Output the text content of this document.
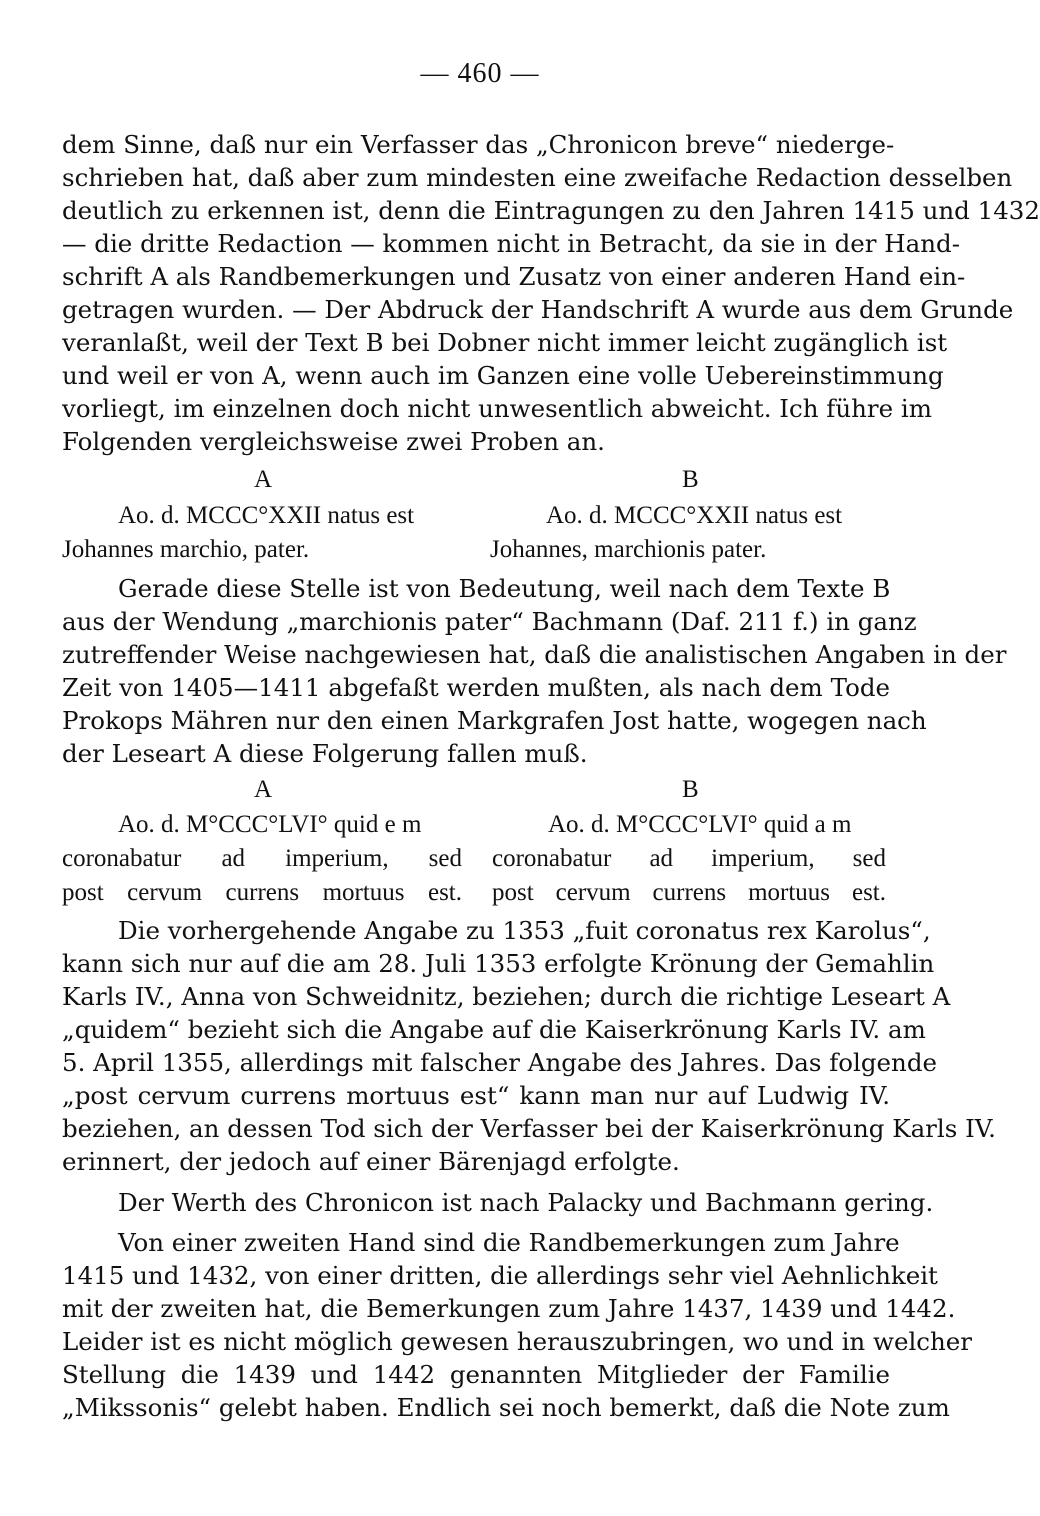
— 460 —
dem Sinne, daß nur ein Verfasser das „Chronicon breve“ niederge-
schrieben hat, daß aber zum mindesten eine zweifache Redaction desselben
deutlich zu erkennen ist, denn die Eintragungen zu den Jahren 1415 und 1432
— die dritte Redaction — kommen nicht in Betracht, da sie in der Hand-
schrift A als Randbemerkungen und Zusatz von einer anderen Hand ein-
getragen wurden. — Der Abdruck der Handschrift A wurde aus dem Grunde
veranlaßt, weil der Text B bei Dobner nicht immer leicht zugänglich ist
und weil er von A, wenn auch im Ganzen eine volle Uebereinstimmung
vorliegt, im einzelnen doch nicht unwesentlich abweicht. Ich führe im
Folgenden vergleichsweise zwei Proben an.
A	B
Ao. d. MCCC°XXII natus est
Johannes marchio, pater.
Ao. d. MCCC°XXII natus est
Johannes, marchionis pater.
Gerade diese Stelle ist von Bedeutung, weil nach dem Texte B
aus der Wendung „marchionis pater“ Bachmann (Daf. 211 f.) in ganz
zutreffender Weise nachgewiesen hat, daß die analistischen Angaben in der
Zeit von 1405—1411 abgefaßt werden mußten, als nach dem Tode
Prokops Mähren nur den einen Markgrafen Jost hatte, wogegen nach
der Leseart A diese Folgerung fallen muß.
A	B
Ao. d. M°CCC°LVI° quid e m
coronabatur ad imperium, sed
post cervum currens mortuus est.
Ao. d. M°CCC°LVI° quid a m
coronabatur ad imperium, sed
post cervum currens mortuus est.
Die vorhergehende Angabe zu 1353 „fuit coronatus rex Karolus“,
kann sich nur auf die am 28. Juli 1353 erfolgte Krönung der Gemahlin
Karls IV., Anna von Schweidnitz, beziehen; durch die richtige Leseart A
„quidem“ bezieht sich die Angabe auf die Kaiserkrönung Karls IV. am
5. April 1355, allerdings mit falscher Angabe des Jahres. Das folgende
„post cervum currens mortuus est“ kann man nur auf Ludwig IV.
beziehen, an dessen Tod sich der Verfasser bei der Kaiserkrönung Karls IV.
erinnert, der jedoch auf einer Bärenjagd erfolgte.
Der Werth des Chronicon ist nach Palacky und Bachmann gering.
Von einer zweiten Hand sind die Randbemerkungen zum Jahre
1415 und 1432, von einer dritten, die allerdings sehr viel Aehnlichkeit
mit der zweiten hat, die Bemerkungen zum Jahre 1437, 1439 und 1442.
Leider ist es nicht möglich gewesen herauszubringen, wo und in welcher
Stellung die 1439 und 1442 genannten Mitglieder der Familie
„Mikssonis“ gelebt haben. Endlich sei noch bemerkt, daß die Note zum
